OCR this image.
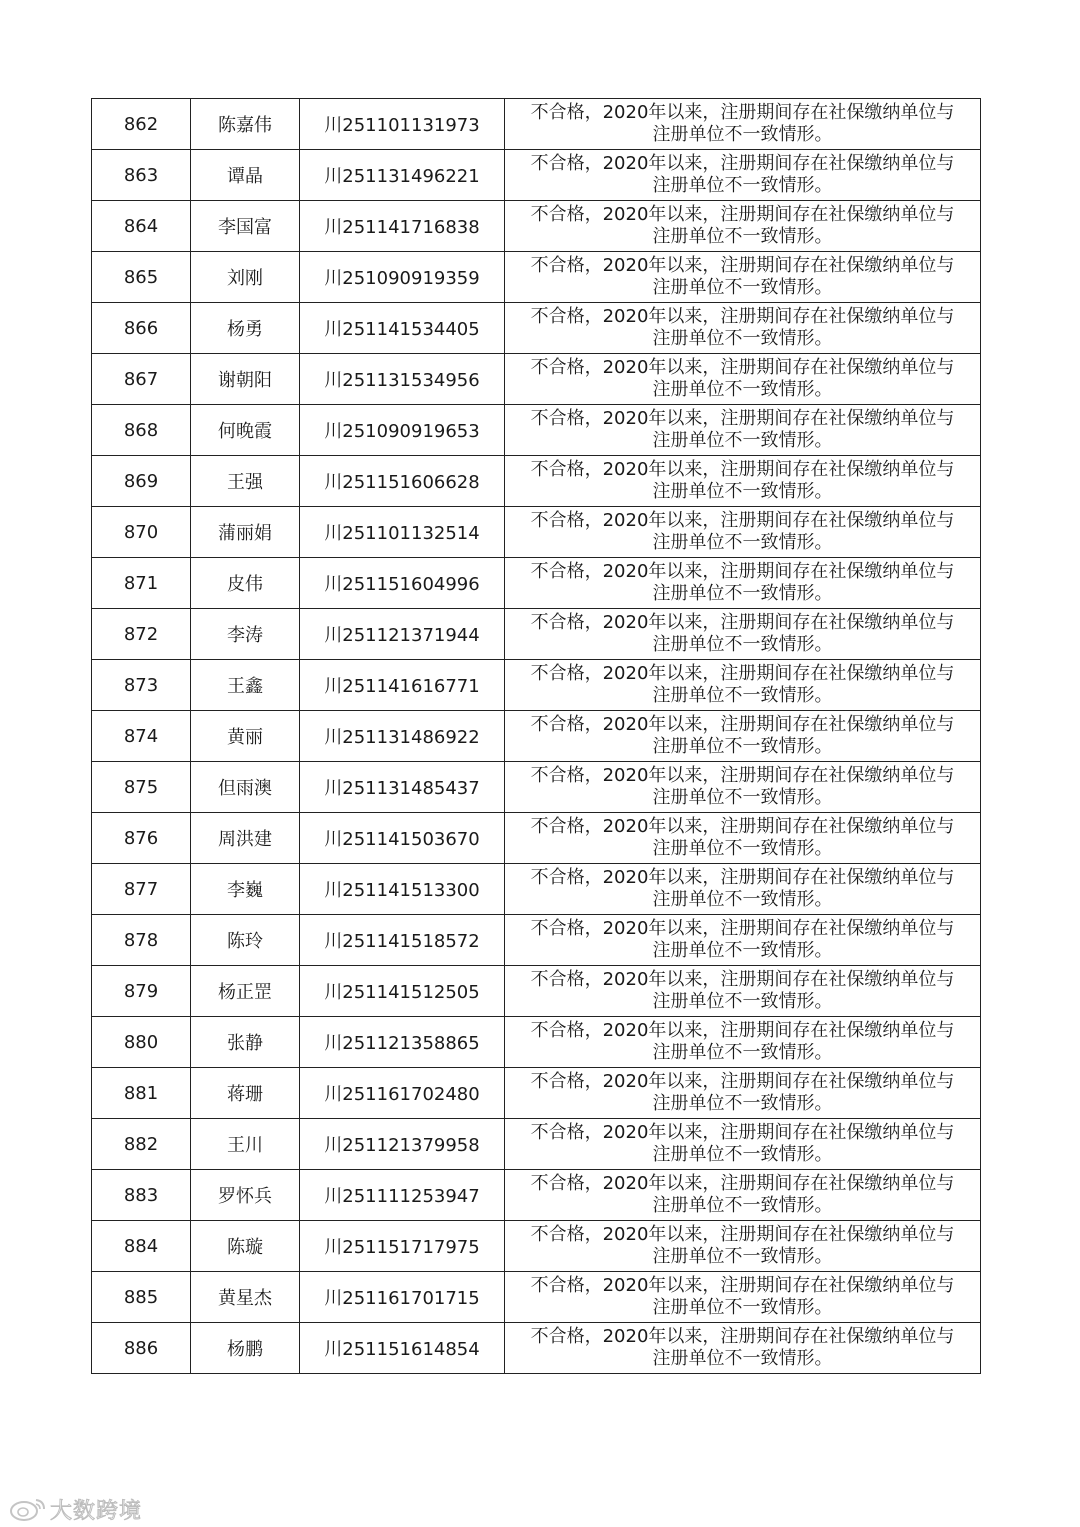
862	陈嘉伟	川251101131973	不合格，2020年以来，注册期间存在社保缴纳单位与
注册单位不一致情形。

863	谭晶	川251131496221	不合格，2020年以来，注册期间存在社保缴纳单位与
注册单位不一致情形。

864	李国富	川251141716838	不合格，2020年以来，注册期间存在社保缴纳单位与
注册单位不一致情形。

865	刘刚	川251090919359	不合格，2020年以来，注册期间存在社保缴纳单位与
注册单位不一致情形。

866	杨勇	川251141534405	不合格，2020年以来，注册期间存在社保缴纳单位与
注册单位不一致情形。

867	谢朝阳	川251131534956	不合格，2020年以来，注册期间存在社保缴纳单位与
注册单位不一致情形。

868	何晚霞	川251090919653	不合格，2020年以来，注册期间存在社保缴纳单位与
注册单位不一致情形。

869	王强	川251151606628	不合格，2020年以来，注册期间存在社保缴纳单位与
注册单位不一致情形。

870	蒲丽娟	川251101132514	不合格，2020年以来，注册期间存在社保缴纳单位与
注册单位不一致情形。

871	皮伟	川251151604996	不合格，2020年以来，注册期间存在社保缴纳单位与
注册单位不一致情形。

872	李涛	川251121371944	不合格，2020年以来，注册期间存在社保缴纳单位与
注册单位不一致情形。

873	王鑫	川251141616771	不合格，2020年以来，注册期间存在社保缴纳单位与
注册单位不一致情形。

874	黄丽	川251131486922	不合格，2020年以来，注册期间存在社保缴纳单位与
注册单位不一致情形。

875	但雨澳	川251131485437	不合格，2020年以来，注册期间存在社保缴纳单位与
注册单位不一致情形。

876	周洪建	川251141503670	不合格，2020年以来，注册期间存在社保缴纳单位与
注册单位不一致情形。

877	李巍	川251141513300	不合格，2020年以来，注册期间存在社保缴纳单位与
注册单位不一致情形。

878	陈玲	川251141518572	不合格，2020年以来，注册期间存在社保缴纳单位与
注册单位不一致情形。

879	杨正罡	川251141512505	不合格，2020年以来，注册期间存在社保缴纳单位与
注册单位不一致情形。

880	张静	川251121358865	不合格，2020年以来，注册期间存在社保缴纳单位与
注册单位不一致情形。

881	蒋珊	川251161702480	不合格，2020年以来，注册期间存在社保缴纳单位与
注册单位不一致情形。

882	王川	川251121379958	不合格，2020年以来，注册期间存在社保缴纳单位与
注册单位不一致情形。

883	罗怀兵	川251111253947	不合格，2020年以来，注册期间存在社保缴纳单位与
注册单位不一致情形。

884	陈璇	川251151717975	不合格，2020年以来，注册期间存在社保缴纳单位与
注册单位不一致情形。

885	黄星杰	川251161701715	不合格，2020年以来，注册期间存在社保缴纳单位与
注册单位不一致情形。

886	杨鹏	川251151614854	不合格，2020年以来，注册期间存在社保缴纳单位与
注册单位不一致情形。
大数跨境
